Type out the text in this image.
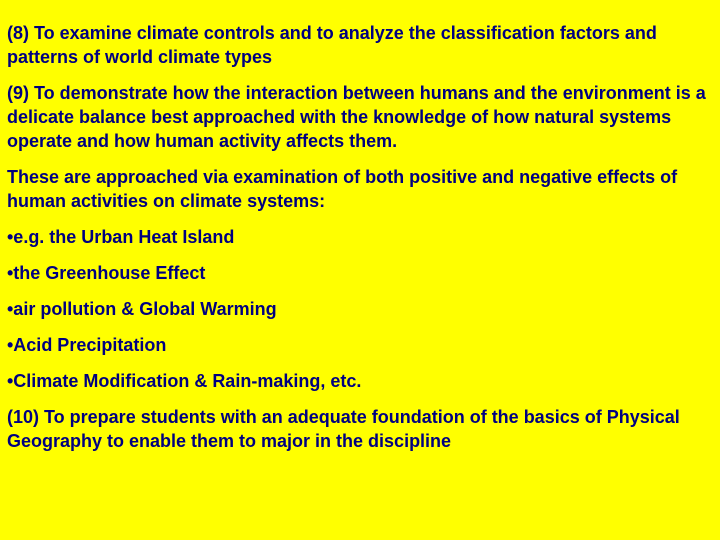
(8) To examine climate controls and to analyze the classification factors and patterns of world climate types

(9) To demonstrate how the interaction between humans and the environment is a delicate balance best approached with the knowledge of how natural systems operate and how human activity affects them.

These are approached via examination of both positive and negative effects of human activities on climate systems:

•e.g. the Urban Heat Island

•the Greenhouse Effect

•air pollution & Global Warming

•Acid Precipitation

•Climate Modification & Rain-making, etc.

(10) To prepare students with an adequate foundation of the basics of Physical Geography to enable them to major in the discipline
